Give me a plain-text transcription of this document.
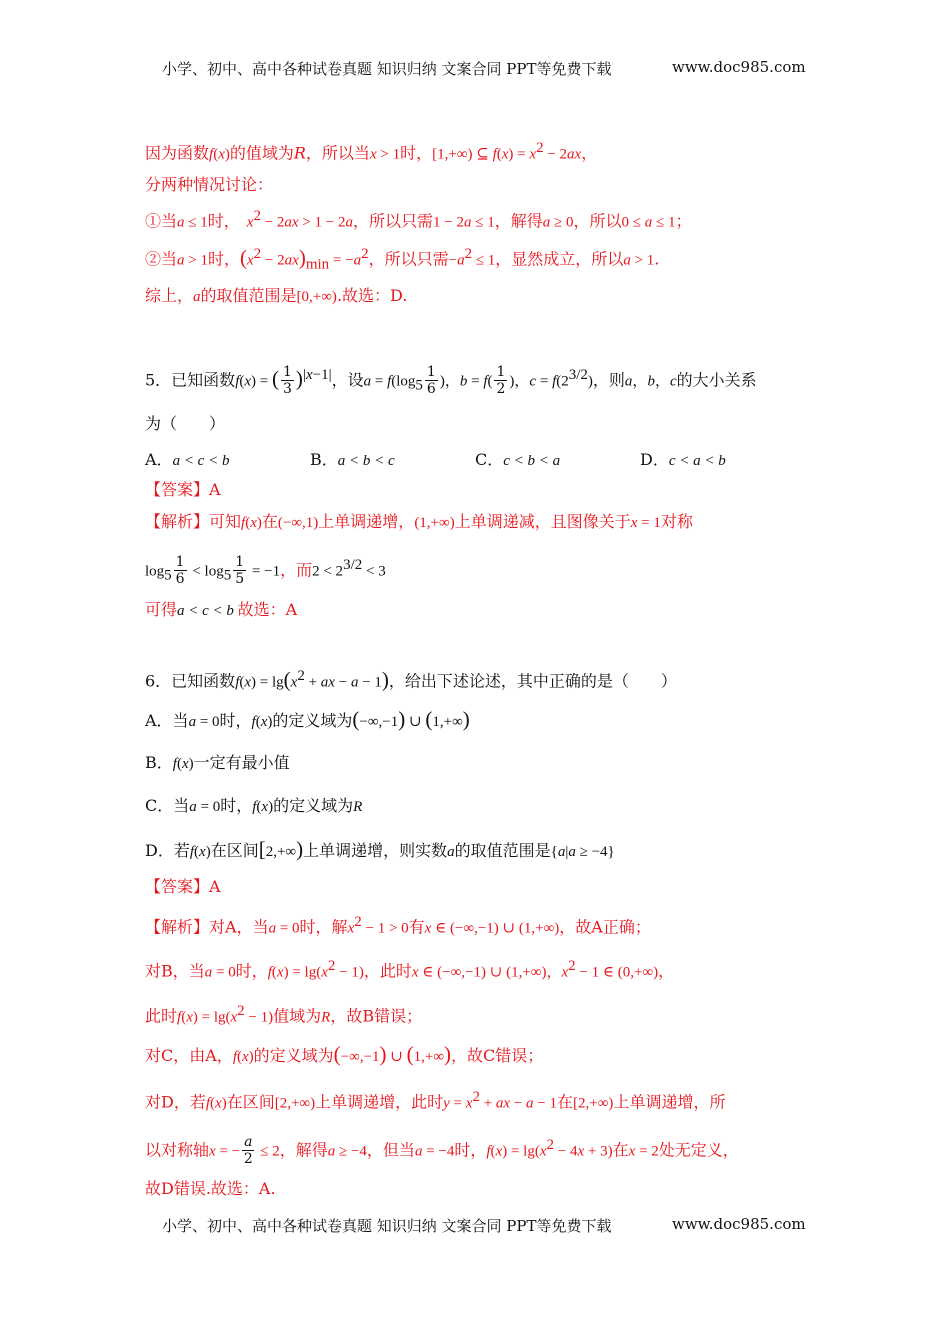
小学、初中、高中各种试卷真题 知识归纳 文案合同 PPT等免费下载	www.doc985.com
因为函数f(x)的值域为R，所以当x > 1时，[1,+∞) ⊆ $f(x) = x^2 - 2ax$，
分两种情况讨论：
①当a ≤ 1时，　 $x^2 - 2ax > 1 - 2a$，所以只需1 − 2a ≤ 1，解得a ≥ 0，所以0 ≤ a ≤ 1；
②当a > 1时，$(x^2 - 2ax)_{min} = -a^2$，所以只需$-a^2 \le 1$，显然成立，所以a > 1.
综上，a的取值范围是[0,+∞).故选：D.
5．已知函数f(x) = ( $\frac{1}{3} )^{|x-1|}$，设$a = f(\log_5 \frac{1}{6}$ )，$b = f( \frac{1}{2}$ )，$c = f(2^{3/2})$，则a，b，c的大小关系
为（　　）
A．a < c < b	B．a < b < c	C．c < b < a	D．c < a < b
【答案】A
【解析】可知f(x)在(−∞,1)上单调递增，(1,+∞)上单调递减，且图像关于x = 1对称
$\log_5 \frac{1}{6} < \log_5 \frac{1}{5} = -1$，而$2 < 2^{3/2} < 3$
可得a < c < b 故选：A
6．已知函数$f(x) = \lg(x^2$ + ax − a − 1)，给出下述论述，其中正确的是（　　）
A．当a = 0时，f(x)的定义域为(−∞,−1) ∪ (1,+∞)
B．f(x)一定有最小值
C．当a = 0时，f(x)的定义域为R
D．若f(x)在区间[2,+∞)上单调递增，则实数a的取值范围是{a|a ≥ −4}
【答案】A
【解析】对A，当a = 0时，解$x^2 - 1 > 0$有x ∈ (−∞,−1) ∪ (1,+∞)，故A正确；
对B，当a = 0时，$f(x) = \lg(x^2 - 1)$，此时x ∈ (−∞,−1) ∪ (1,+∞)，$x^2 - 1$ ∈ (0,+∞)，
此时$f(x) = \lg(x^2 - 1)$值域为R，故B错误；
对C，由A，f(x)的定义域为(−∞,−1) ∪ (1,+∞)，故C错误；
对D，若f(x)在区间[2,+∞)上单调递增，此时$y = x^2$ + ax − a − 1在[2,+∞)上单调递增，所
以对称轴x = − $\frac{a}{2} \le 2$，解得a ≥ −4，但当a = −4时，$f(x) = \lg(x^2 - 4x + 3)$在x = 2处无定义，
故D错误.故选：A.
小学、初中、高中各种试卷真题 知识归纳 文案合同 PPT等免费下载	www.doc985.com
